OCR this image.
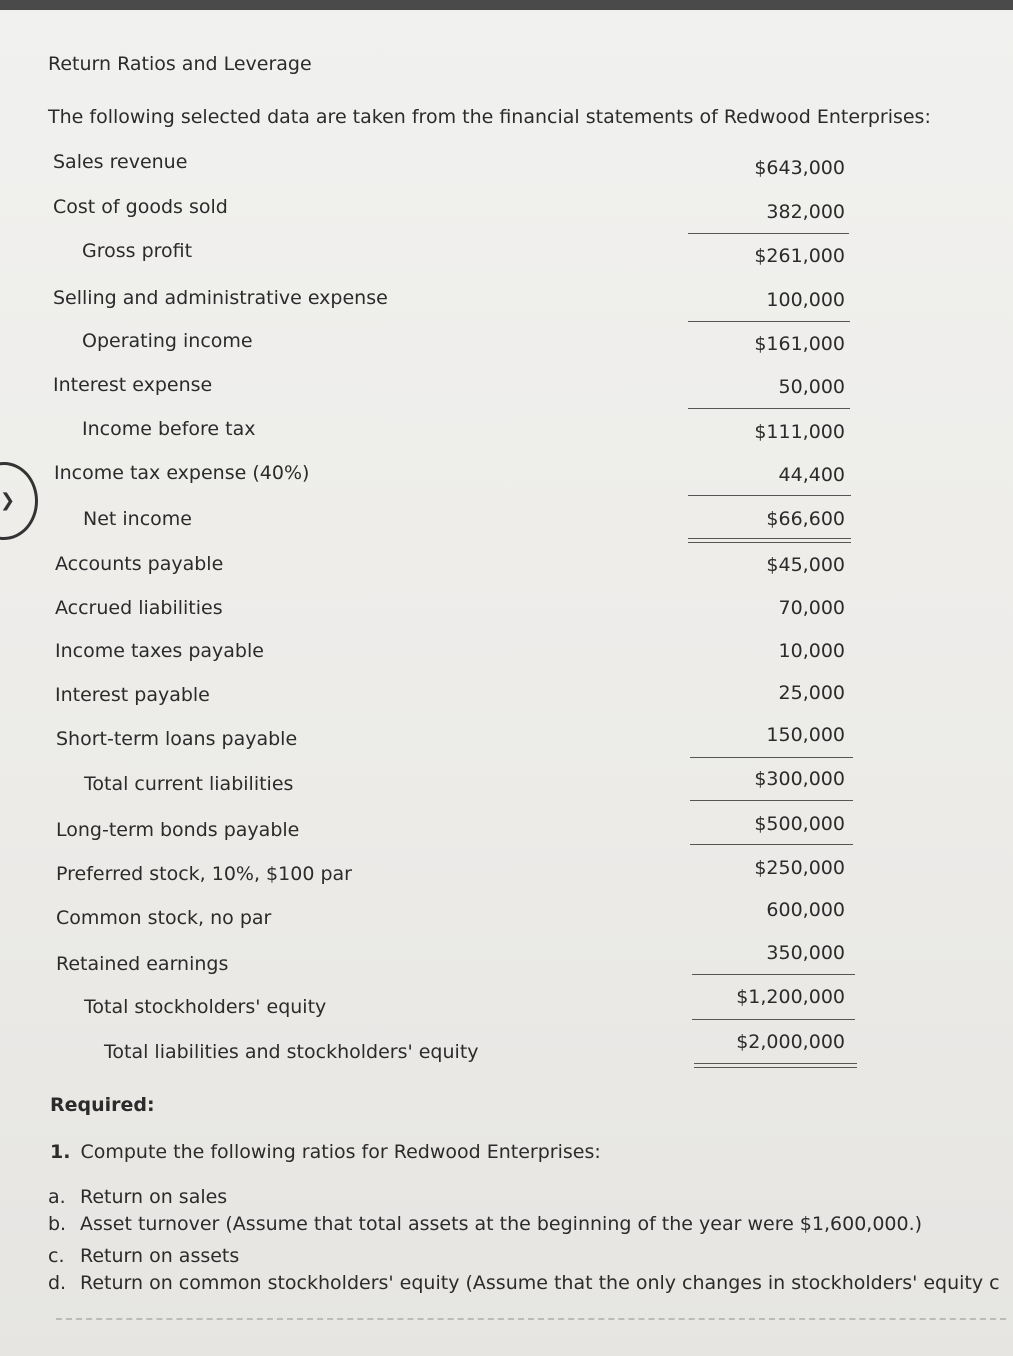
Return Ratios and Leverage
The following selected data are taken from the financial statements of Redwood Enterprises:
Sales revenue	$643,000
Cost of goods sold	382,000
Gross profit	$261,000
Selling and administrative expense	100,000
Operating income	$161,000
Interest expense	50,000
Income before tax	$111,000
Income tax expense (40%)	44,400
Net income	$66,600
Accounts payable	$45,000
Accrued liabilities	70,000
Income taxes payable	10,000
Interest payable	25,000
Short-term loans payable	150,000
Total current liabilities	$300,000
Long-term bonds payable	$500,000
Preferred stock, 10%, $100 par	$250,000
Common stock, no par	600,000
Retained earnings	350,000
Total stockholders' equity	$1,200,000
Total liabilities and stockholders' equity	$2,000,000
Required:
1. Compute the following ratios for Redwood Enterprises:
a. Return on sales
b. Asset turnover (Assume that total assets at the beginning of the year were $1,600,000.)
c. Return on assets
d. Return on common stockholders' equity (Assume that the only changes in stockholders' equity c
❯
